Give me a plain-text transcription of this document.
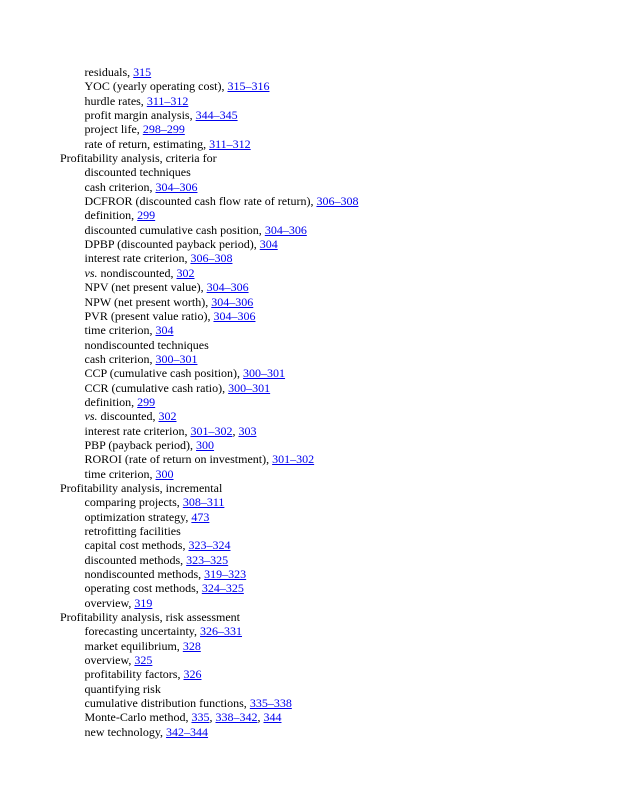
residuals, 315
YOC (yearly operating cost), 315–316
hurdle rates, 311–312
profit margin analysis, 344–345
project life, 298–299
rate of return, estimating, 311–312
Profitability analysis, criteria for
discounted techniques
cash criterion, 304–306
DCFROR (discounted cash flow rate of return), 306–308
definition, 299
discounted cumulative cash position, 304–306
DPBP (discounted payback period), 304
interest rate criterion, 306–308
vs. nondiscounted, 302
NPV (net present value), 304–306
NPW (net present worth), 304–306
PVR (present value ratio), 304–306
time criterion, 304
nondiscounted techniques
cash criterion, 300–301
CCP (cumulative cash position), 300–301
CCR (cumulative cash ratio), 300–301
definition, 299
vs. discounted, 302
interest rate criterion, 301–302, 303
PBP (payback period), 300
ROROI (rate of return on investment), 301–302
time criterion, 300
Profitability analysis, incremental
comparing projects, 308–311
optimization strategy, 473
retrofitting facilities
capital cost methods, 323–324
discounted methods, 323–325
nondiscounted methods, 319–323
operating cost methods, 324–325
overview, 319
Profitability analysis, risk assessment
forecasting uncertainty, 326–331
market equilibrium, 328
overview, 325
profitability factors, 326
quantifying risk
cumulative distribution functions, 335–338
Monte-Carlo method, 335, 338–342, 344
new technology, 342–344
